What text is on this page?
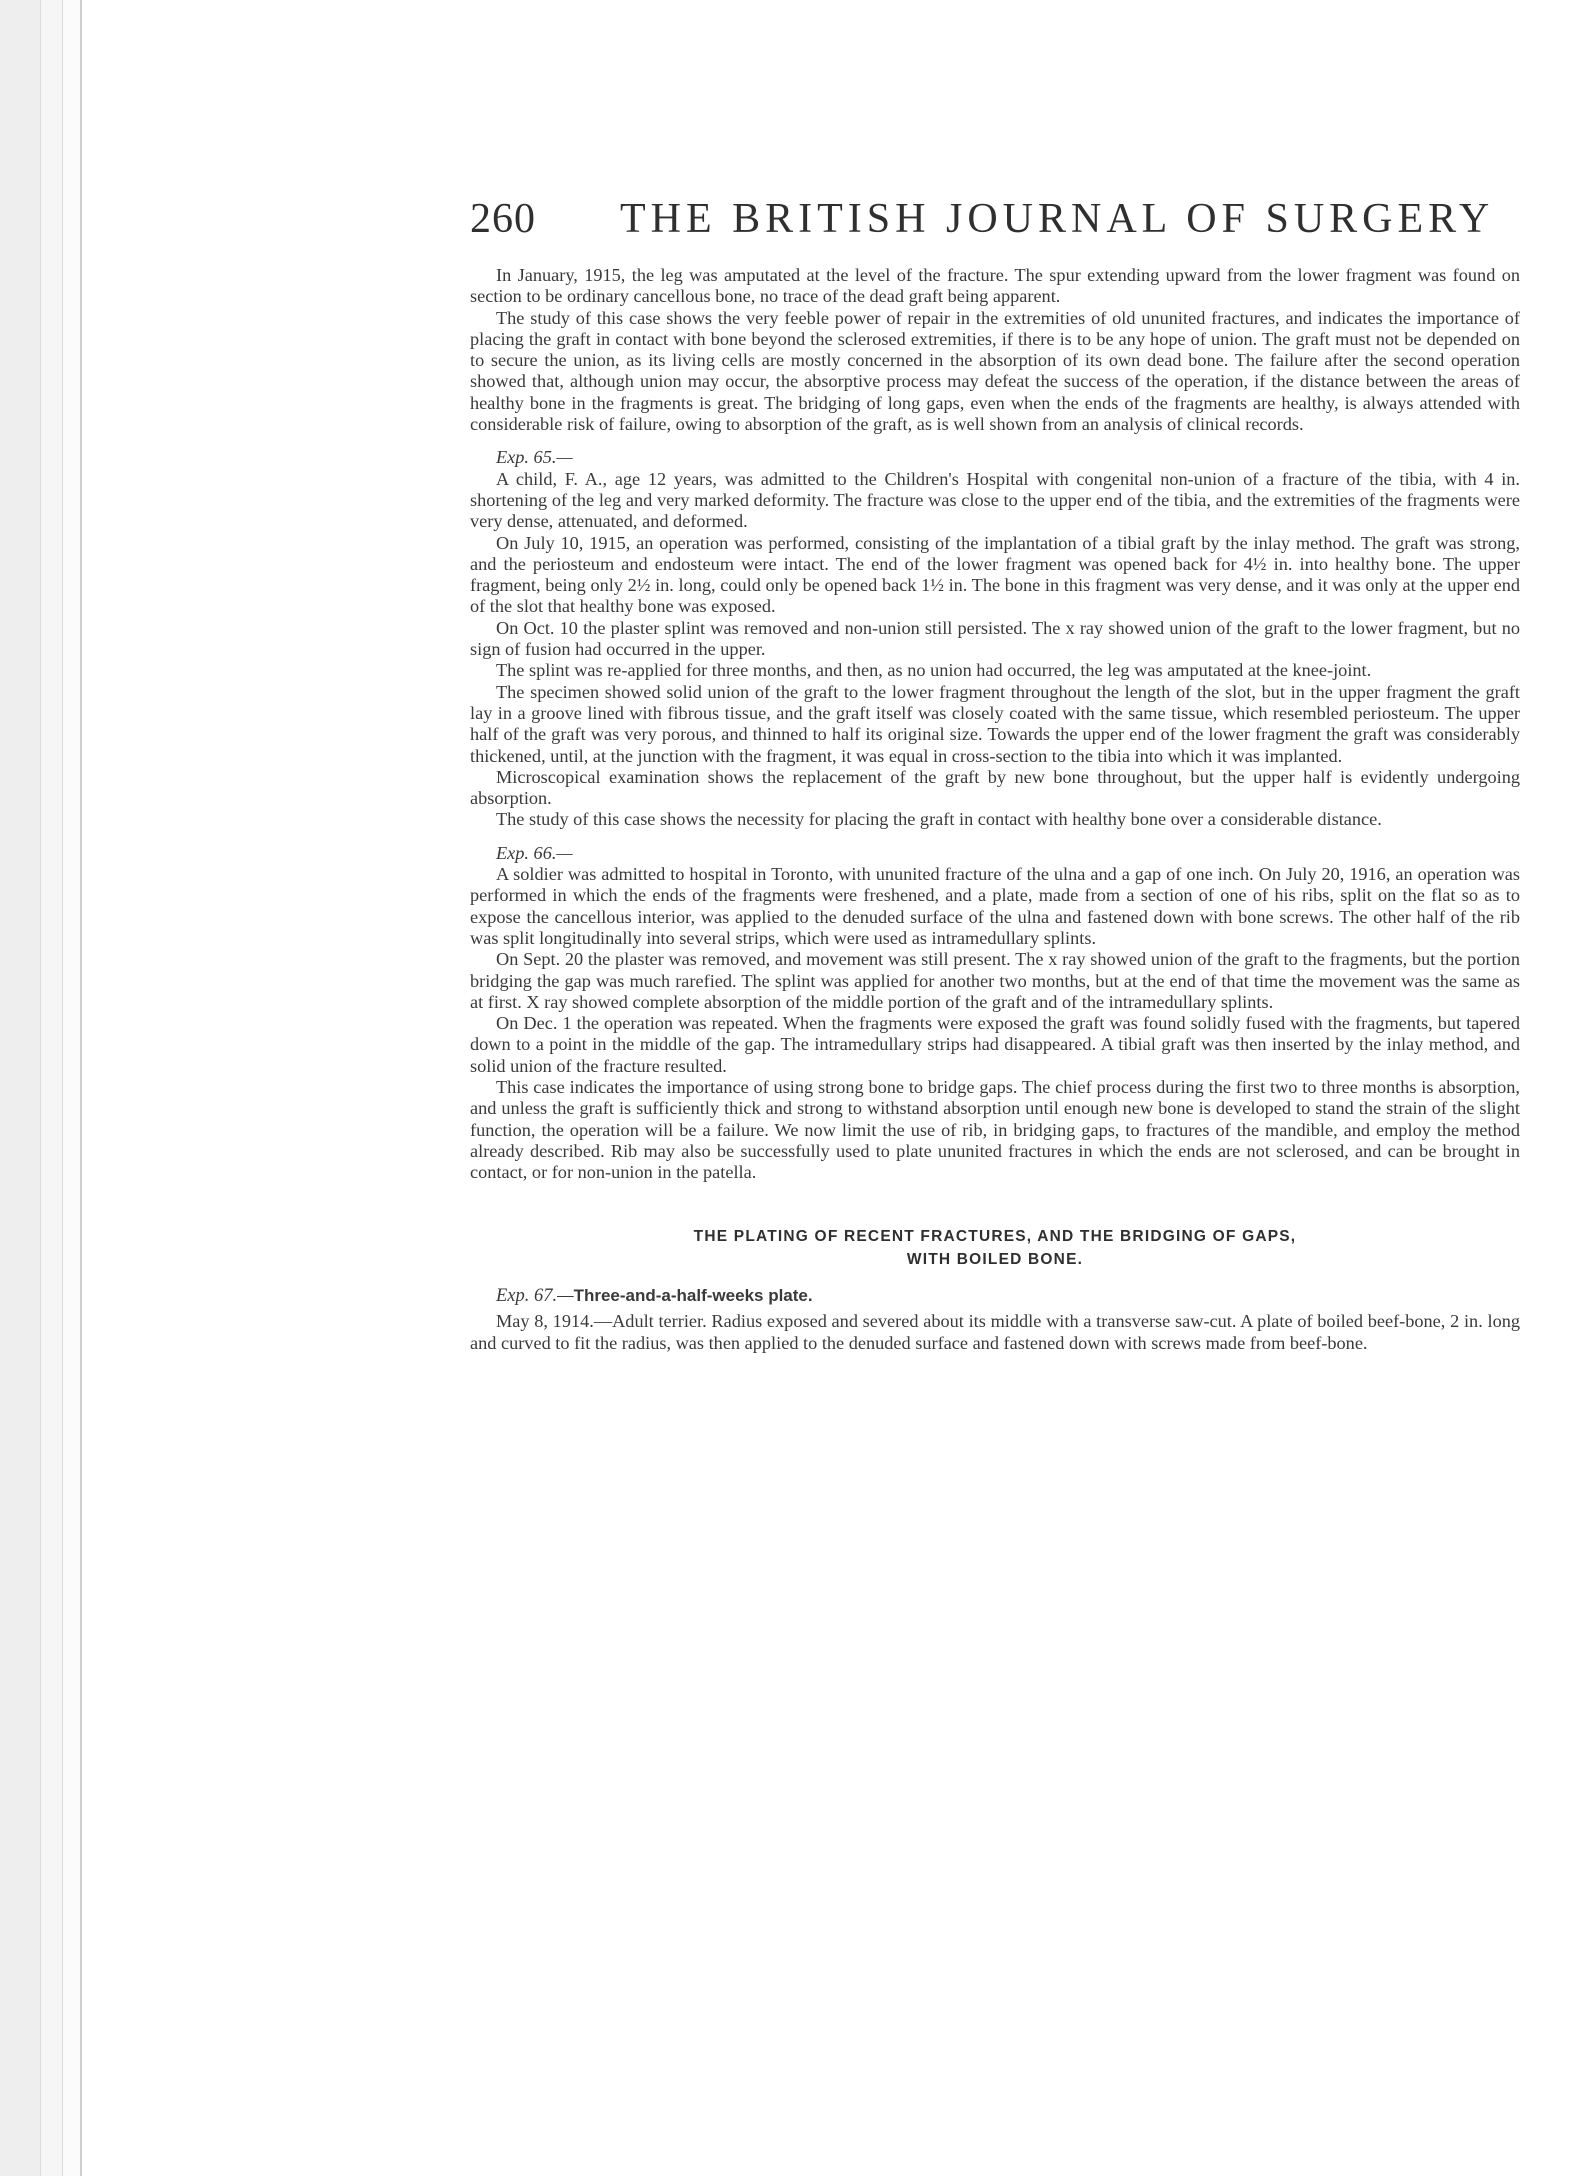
260 THE BRITISH JOURNAL OF SURGERY

In January, 1915, the leg was amputated at the level of the fracture. The spur extending upward from the lower fragment was found on section to be ordinary cancellous bone, no trace of the dead graft being apparent.

The study of this case shows the very feeble power of repair in the extremities of old ununited fractures, and indicates the importance of placing the graft in contact with bone beyond the sclerosed extremities, if there is to be any hope of union. The graft must not be depended on to secure the union, as its living cells are mostly concerned in the absorption of its own dead bone. The failure after the second operation showed that, although union may occur, the absorptive process may defeat the success of the operation, if the distance between the areas of healthy bone in the fragments is great. The bridging of long gaps, even when the ends of the fragments are healthy, is always attended with considerable risk of failure, owing to absorption of the graft, as is well shown from an analysis of clinical records.

Exp. 65.—

A child, F. A., age 12 years, was admitted to the Children's Hospital with congenital non-union of a fracture of the tibia, with 4 in. shortening of the leg and very marked deformity. The fracture was close to the upper end of the tibia, and the extremities of the fragments were very dense, attenuated, and deformed.

On July 10, 1915, an operation was performed, consisting of the implantation of a tibial graft by the inlay method. The graft was strong, and the periosteum and endosteum were intact. The end of the lower fragment was opened back for 4½ in. into healthy bone. The upper fragment, being only 2½ in. long, could only be opened back 1½ in. The bone in this fragment was very dense, and it was only at the upper end of the slot that healthy bone was exposed.

On Oct. 10 the plaster splint was removed and non-union still persisted. The x ray showed union of the graft to the lower fragment, but no sign of fusion had occurred in the upper.

The splint was re-applied for three months, and then, as no union had occurred, the leg was amputated at the knee-joint.

The specimen showed solid union of the graft to the lower fragment throughout the length of the slot, but in the upper fragment the graft lay in a groove lined with fibrous tissue, and the graft itself was closely coated with the same tissue, which resembled periosteum. The upper half of the graft was very porous, and thinned to half its original size. Towards the upper end of the lower fragment the graft was considerably thickened, until, at the junction with the fragment, it was equal in cross-section to the tibia into which it was implanted.

Microscopical examination shows the replacement of the graft by new bone throughout, but the upper half is evidently undergoing absorption.

The study of this case shows the necessity for placing the graft in contact with healthy bone over a considerable distance.

Exp. 66.—

A soldier was admitted to hospital in Toronto, with ununited fracture of the ulna and a gap of one inch. On July 20, 1916, an operation was performed in which the ends of the fragments were freshened, and a plate, made from a section of one of his ribs, split on the flat so as to expose the cancellous interior, was applied to the denuded surface of the ulna and fastened down with bone screws. The other half of the rib was split longitudinally into several strips, which were used as intramedullary splints.

On Sept. 20 the plaster was removed, and movement was still present. The x ray showed union of the graft to the fragments, but the portion bridging the gap was much rarefied. The splint was applied for another two months, but at the end of that time the movement was the same as at first. X ray showed complete absorption of the middle portion of the graft and of the intramedullary splints.

On Dec. 1 the operation was repeated. When the fragments were exposed the graft was found solidly fused with the fragments, but tapered down to a point in the middle of the gap. The intramedullary strips had disappeared. A tibial graft was then inserted by the inlay method, and solid union of the fracture resulted.

This case indicates the importance of using strong bone to bridge gaps. The chief process during the first two to three months is absorption, and unless the graft is sufficiently thick and strong to withstand absorption until enough new bone is developed to stand the strain of the slight function, the operation will be a failure. We now limit the use of rib, in bridging gaps, to fractures of the mandible, and employ the method already described. Rib may also be successfully used to plate ununited fractures in which the ends are not sclerosed, and can be brought in contact, or for non-union in the patella.

THE PLATING OF RECENT FRACTURES, AND THE BRIDGING OF GAPS,
WITH BOILED BONE.
Exp. 67.—Three-and-a-half-weeks plate.

May 8, 1914.—Adult terrier. Radius exposed and severed about its middle with a transverse saw-cut. A plate of boiled beef-bone, 2 in. long and curved to fit the radius, was then applied to the denuded surface and fastened down with screws made from beef-bone.
